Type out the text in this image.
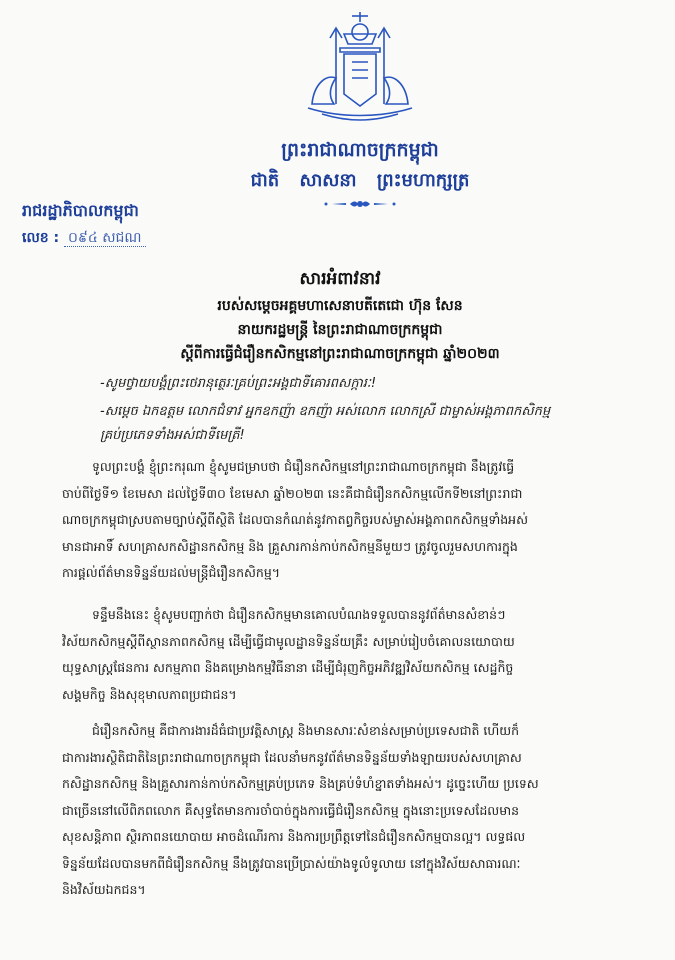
ព្រះរាជាណាចក្រកម្ពុជា
ជាតិ សាសនា ព្រះមហាក្សត្រ
រាជរដ្ឋាភិបាលកម្ពុជា
លេខ : ០៩៤ សជណ
សារអំពាវនាវ
របស់សម្តេចអគ្គមហាសេនាបតីតេជោ ហ៊ុន សែន
នាយករដ្ឋមន្ត្រី នៃព្រះរាជាណាចក្រកម្ពុជា
ស្តីពីការធ្វើជំរឿនកសិកម្មនៅព្រះរាជាណាចក្រកម្ពុជា ឆ្នាំ២០២៣
-សូមថ្វាយបង្គំព្រះថេរានុត្ថេរៈគ្រប់ព្រះអង្គជាទីគោរពសក្ការៈ!
-សម្តេច ឯកឧត្តម លោកជំទាវ អ្នកឧកញ៉ា ឧកញ៉ា អស់លោក លោកស្រី ជាម្ចាស់អង្គភាពកសិកម្ម
គ្រប់ប្រភេទទាំងអស់ជាទីមេត្រី!
ទូលព្រះបង្គំ ខ្ញុំព្រះករុណា ខ្ញុំសូមជម្រាបថា ជំរឿនកសិកម្មនៅព្រះរាជាណាចក្រកម្ពុជា នឹងត្រូវធ្វើ
ចាប់ពីថ្ងៃទី១ ខែមេសា ដល់ថ្ងៃទី៣០ ខែមេសា ឆ្នាំ២០២៣ នេះគឺជាជំរឿនកសិកម្មលើកទី២នៅព្រះរាជា
ណាចក្រកម្ពុជាស្របតាមច្បាប់ស្តីពីស្ថិតិ ដែលបានកំណត់នូវកាតព្វកិច្ចរបស់ម្ចាស់អង្គភាពកសិកម្មទាំងអស់
មានជាអាទិ៍ សហគ្រាសកសិដ្ឋានកសិកម្ម និង គ្រួសារកាន់កាប់កសិកម្មនីមួយៗ ត្រូវចូលរួមសហការក្នុង
ការផ្តល់ព័ត៌មានទិន្នន័យដល់មន្ត្រីជំរឿនកសិកម្ម។
ទន្ទឹមនឹងនេះ ខ្ញុំសូមបញ្ជាក់ថា ជំរឿនកសិកម្មមានគោលបំណងទទួលបាននូវព័ត៌មានសំខាន់ៗ
វិស័យកសិកម្មស្តីពីស្ថានភាពកសិកម្ម ដើម្បីធ្វើជាមូលដ្ឋានទិន្នន័យគ្រឹះ សម្រាប់រៀបចំគោលនយោបាយ
យុទ្ធសាស្ត្រផែនការ សកម្មភាព និងគម្រោងកម្មវិធីនានា ដើម្បីជំរុញកិច្ចអភិវឌ្ឍវិស័យកសិកម្ម សេដ្ឋកិច្ច
សង្គមកិច្ច និងសុខុមាលភាពប្រជាជន។
ជំរឿនកសិកម្ម គឺជាការងារដ៏ធំជាប្រវត្តិសាស្ត្រ និងមានសារៈសំខាន់សម្រាប់ប្រទេសជាតិ ហើយក៏
ជាការងារស្ថិតិជាតិនៃព្រះរាជាណាចក្រកម្ពុជា ដែលនាំមកនូវព័ត៌មានទិន្នន័យទាំងឡាយរបស់សហគ្រាស
កសិដ្ឋានកសិកម្ម និងគ្រួសារកាន់កាប់កសិកម្មគ្រប់ប្រភេទ និងគ្រប់ទំហំខ្នាតទាំងអស់។ ដូច្នេះហើយ ប្រទេស
ជាច្រើននៅលើពិភពលោក គឺសុទ្ធតែមានការចាំបាច់ក្នុងការធ្វើជំរឿនកសិកម្ម ក្នុងនោះប្រទេសដែលមាន
សុខសន្តិភាព ស្ថិរភាពនយោបាយ អាចដំណើរការ និងការប្រព្រឹត្តទៅនៃជំរឿនកសិកម្មបានល្អ។ លទ្ធផល
ទិន្នន័យដែលបានមកពីជំរឿនកសិកម្ម នឹងត្រូវបានប្រើប្រាស់យ៉ាងទូលំទូលាយ នៅក្នុងវិស័យសាធារណៈ
និងវិស័យឯកជន។
